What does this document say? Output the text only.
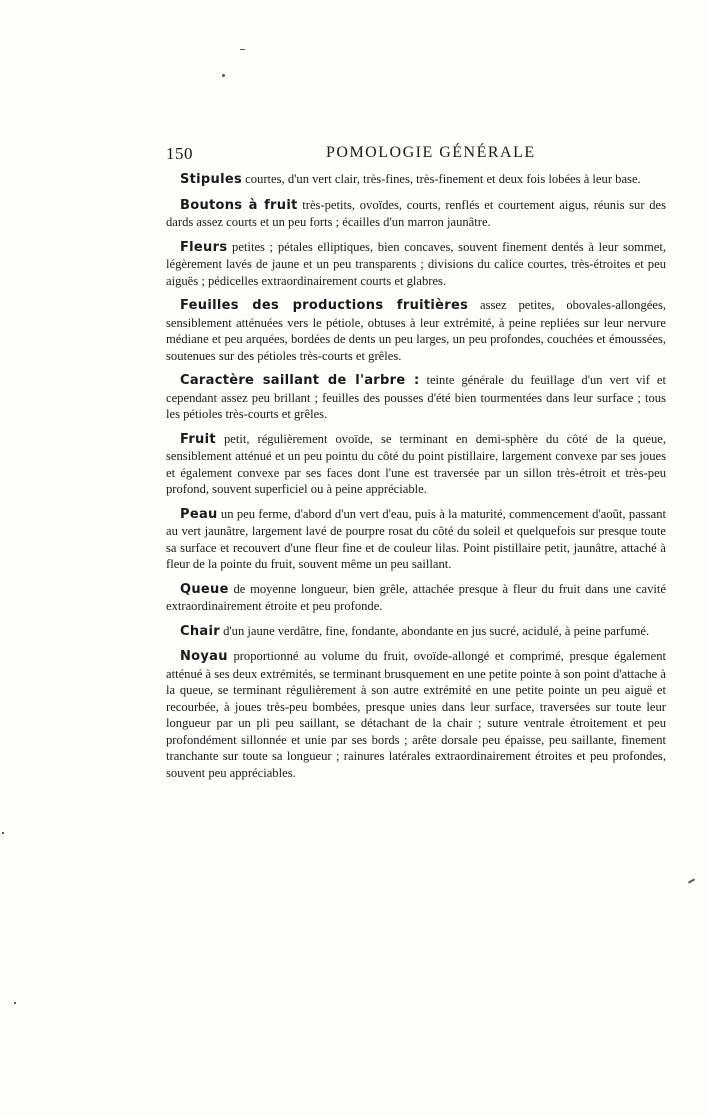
150	POMOLOGIE GÉNÉRALE

Stipules courtes, d'un vert clair, très-fines, très-finement et deux fois lobées à leur base.

Boutons à fruit très-petits, ovoïdes, courts, renflés et courtement aigus, réunis sur des dards assez courts et un peu forts ; écailles d'un marron jaunâtre.

Fleurs petites ; pétales elliptiques, bien concaves, souvent finement dentés à leur sommet, légèrement lavés de jaune et un peu transparents ; divisions du calice courtes, très-étroites et peu aiguës ; pédicelles extraordinairement courts et glabres.

Feuilles des productions fruitières assez petites, obovales-allongées, sensiblement atténuées vers le pétiole, obtuses à leur extrémité, à peine repliées sur leur nervure médiane et peu arquées, bordées de dents un peu larges, un peu profondes, couchées et émoussées, soutenues sur des pétioles très-courts et grêles.

Caractère saillant de l'arbre : teinte générale du feuillage d'un vert vif et cependant assez peu brillant ; feuilles des pousses d'été bien tourmentées dans leur surface ; tous les pétioles très-courts et grêles.

Fruit petit, régulièrement ovoïde, se terminant en demi-sphère du côté de la queue, sensiblement atténué et un peu pointu du côté du point pistillaire, largement convexe par ses joues et également convexe par ses faces dont l'une est traversée par un sillon très-étroit et très-peu profond, souvent superficiel ou à peine appréciable.

Peau un peu ferme, d'abord d'un vert d'eau, puis à la maturité, commencement d'août, passant au vert jaunâtre, largement lavé de pourpre rosat du côté du soleil et quelquefois sur presque toute sa surface et recouvert d'une fleur fine et de couleur lilas. Point pistillaire petit, jaunâtre, attaché à fleur de la pointe du fruit, souvent même un peu saillant.

Queue de moyenne longueur, bien grêle, attachée presque à fleur du fruit dans une cavité extraordinairement étroite et peu profonde.

Chair d'un jaune verdâtre, fine, fondante, abondante en jus sucré, acidulé, à peine parfumé.

Noyau proportionné au volume du fruit, ovoïde-allongé et comprimé, presque également atténué à ses deux extrémités, se terminant brusquement en une petite pointe à son point d'attache à la queue, se terminant régulièrement à son autre extrémité en une petite pointe un peu aiguë et recourbée, à joues très-peu bombées, presque unies dans leur surface, traversées sur toute leur longueur par un pli peu saillant, se détachant de la chair ; suture ventrale étroitement et peu profondément sillonnée et unie par ses bords ; arête dorsale peu épaisse, peu saillante, finement tranchante sur toute sa longueur ; rainures latérales extraordinairement étroites et peu profondes, souvent peu appréciables.
